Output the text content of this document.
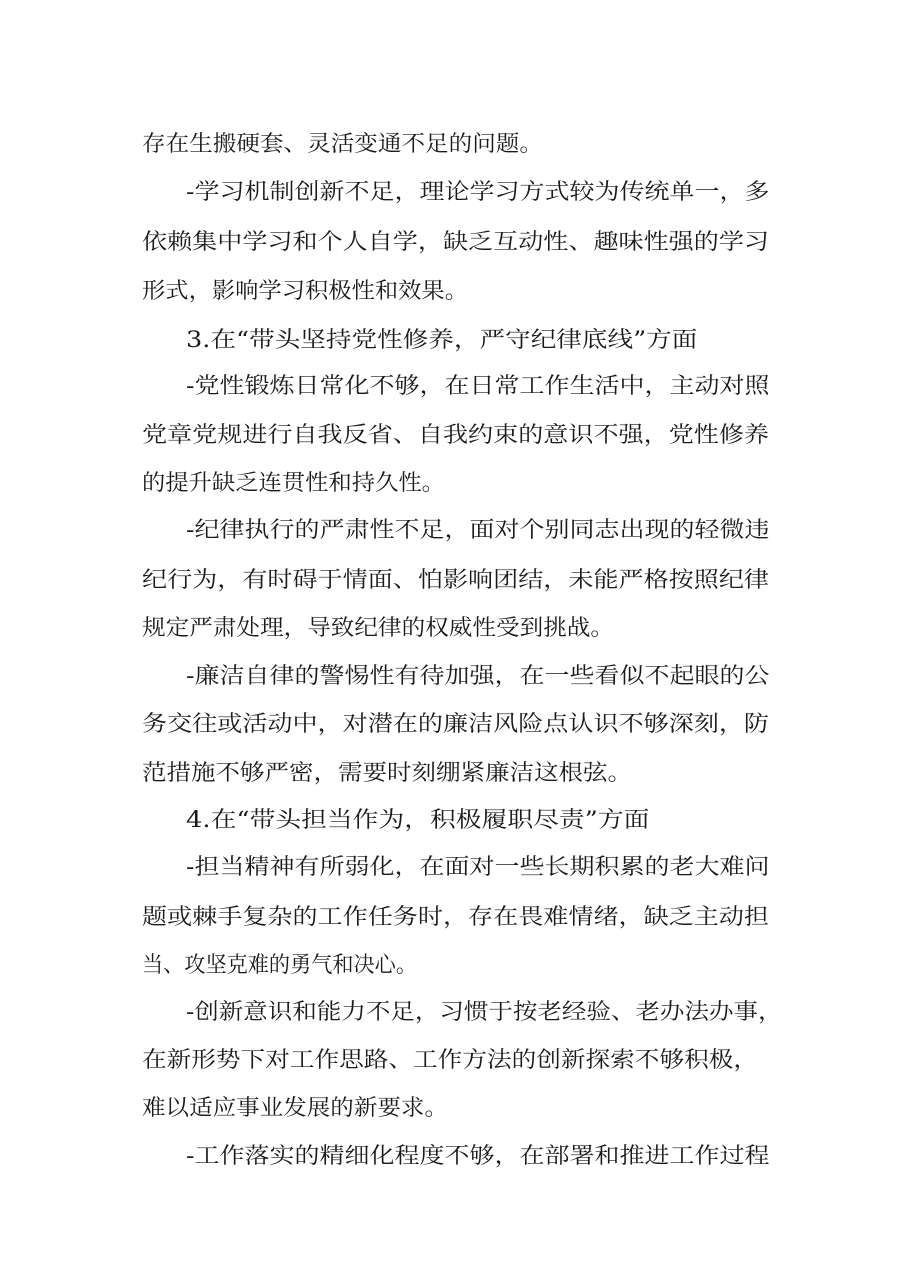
存在生搬硬套、灵活变通不足的问题。
-学习机制创新不足，理论学习方式较为传统单一，多
依赖集中学习和个人自学，缺乏互动性、趣味性强的学习
形式，影响学习积极性和效果。
3.在“带头坚持党性修养，严守纪律底线”方面
-党性锻炼日常化不够，在日常工作生活中，主动对照
党章党规进行自我反省、自我约束的意识不强，党性修养
的提升缺乏连贯性和持久性。
-纪律执行的严肃性不足，面对个别同志出现的轻微违
纪行为，有时碍于情面、怕影响团结，未能严格按照纪律
规定严肃处理，导致纪律的权威性受到挑战。
-廉洁自律的警惕性有待加强，在一些看似不起眼的公
务交往或活动中，对潜在的廉洁风险点认识不够深刻，防
范措施不够严密，需要时刻绷紧廉洁这根弦。
4.在“带头担当作为，积极履职尽责”方面
-担当精神有所弱化，在面对一些长期积累的老大难问
题或棘手复杂的工作任务时，存在畏难情绪，缺乏主动担
当、攻坚克难的勇气和决心。
-创新意识和能力不足，习惯于按老经验、老办法办事，
在新形势下对工作思路、工作方法的创新探索不够积极，
难以适应事业发展的新要求。
-工作落实的精细化程度不够，在部署和推进工作过程
